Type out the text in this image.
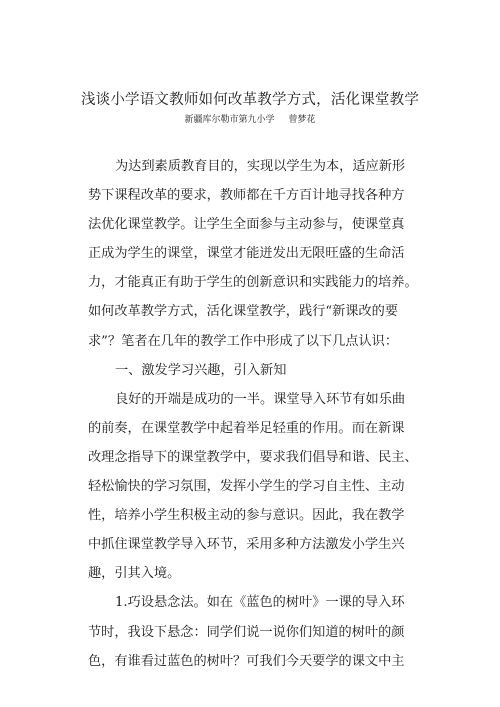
浅谈小学语文教师如何改革教学方式，活化课堂教学
新疆库尔勒市第九小学 曾梦花
为达到素质教育目的，实现以学生为本，适应新形
势下课程改革的要求，教师都在千方百计地寻找各种方
法优化课堂教学。让学生全面参与主动参与，使课堂真
正成为学生的课堂，课堂才能迸发出无限旺盛的生命活
力，才能真正有助于学生的创新意识和实践能力的培养。
如何改革教学方式，活化课堂教学，践行“新课改的要
求”？笔者在几年的教学工作中形成了以下几点认识：
一、激发学习兴趣，引入新知
良好的开端是成功的一半。课堂导入环节有如乐曲
的前奏，在课堂教学中起着举足轻重的作用。而在新课
改理念指导下的课堂教学中，要求我们倡导和谐、民主、
轻松愉快的学习氛围，发挥小学生的学习自主性、主动
性，培养小学生积极主动的参与意识。因此，我在教学
中抓住课堂教学导入环节，采用多种方法激发小学生兴
趣，引其入境。
1.巧设悬念法。如在《蓝色的树叶》一课的导入环
节时，我设下悬念：同学们说一说你们知道的树叶的颜
色，有谁看过蓝色的树叶？可我们今天要学的课文中主
